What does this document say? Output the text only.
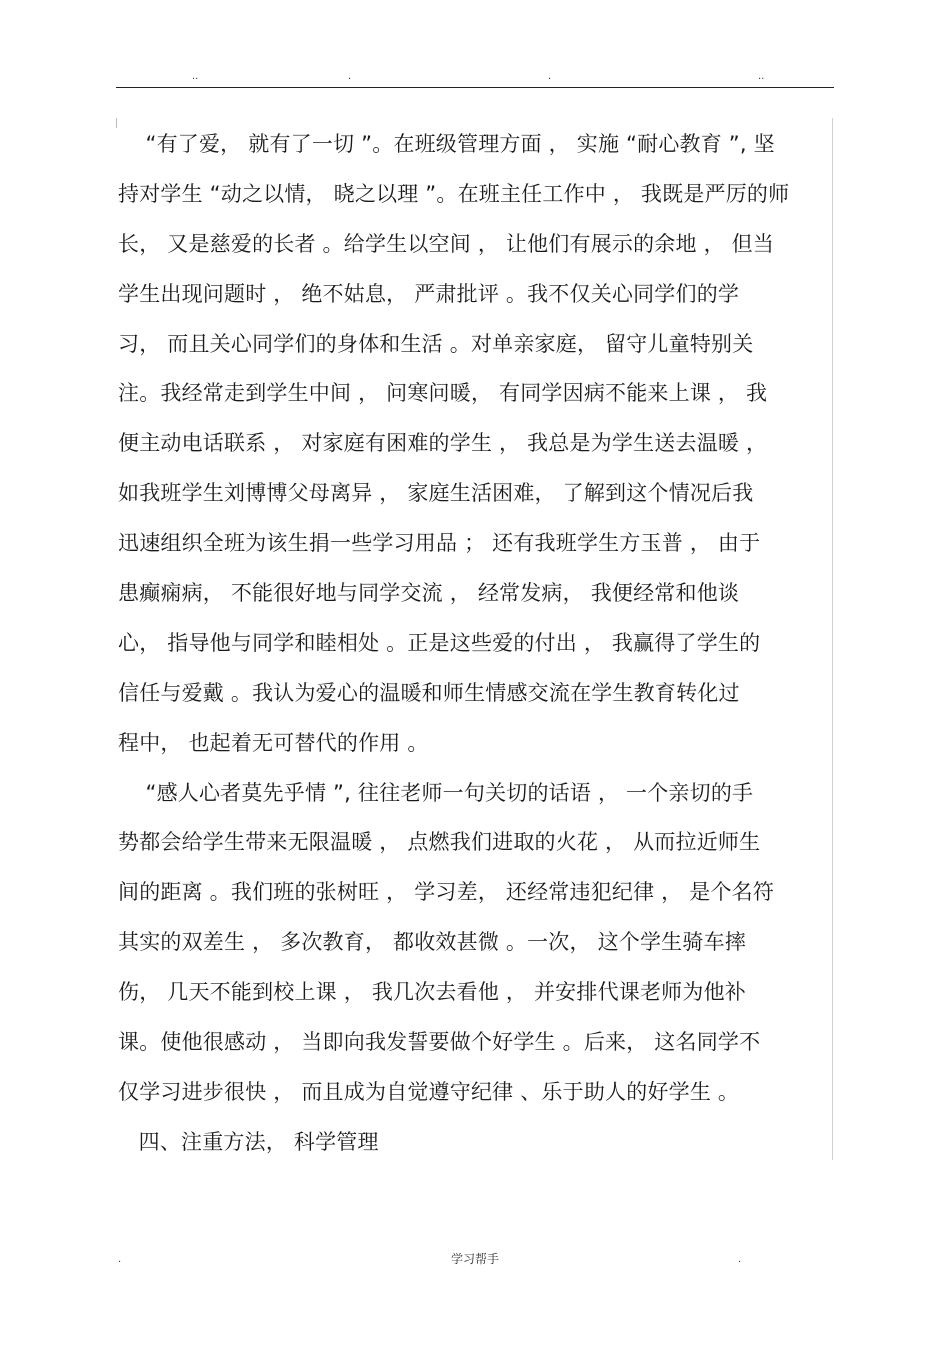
..	.	.	..
“有了爱， 就有了一切 ”。在班级管理方面 ， 实施 “耐心教育 ”, 坚
持对学生 “动之以情， 晓之以理 ”。在班主任工作中 ， 我既是严厉的师
长， 又是慈爱的长者 。给学生以空间 ， 让他们有展示的余地 ， 但当
学生出现问题时 ， 绝不姑息， 严肃批评 。我不仅关心同学们的学
习， 而且关心同学们的身体和生活 。对单亲家庭， 留守儿童特别关
注。我经常走到学生中间 ， 问寒问暖， 有同学因病不能来上课 ， 我
便主动电话联系 ， 对家庭有困难的学生 ， 我总是为学生送去温暖 ，
如我班学生刘博博父母离异 ， 家庭生活困难， 了解到这个情况后我
迅速组织全班为该生捐一些学习用品 ； 还有我班学生方玉普 ， 由于
患癫痫病， 不能很好地与同学交流 ， 经常发病， 我便经常和他谈
心， 指导他与同学和睦相处 。正是这些爱的付出 ， 我赢得了学生的
信任与爱戴 。我认为爱心的温暖和师生情感交流在学生教育转化过
程中， 也起着无可替代的作用 。
“感人心者莫先乎情 ”, 往往老师一句关切的话语 ， 一个亲切的手
势都会给学生带来无限温暖 ， 点燃我们进取的火花 ， 从而拉近师生
间的距离 。我们班的张树旺 ， 学习差， 还经常违犯纪律 ， 是个名符
其实的双差生 ， 多次教育， 都收效甚微 。一次， 这个学生骑车摔
伤， 几天不能到校上课 ， 我几次去看他 ， 并安排代课老师为他补
课。使他很感动 ， 当即向我发誓要做个好学生 。后来， 这名同学不
仅学习进步很快 ， 而且成为自觉遵守纪律 、乐于助人的好学生 。
四、注重方法， 科学管理
.	学习帮手	.
